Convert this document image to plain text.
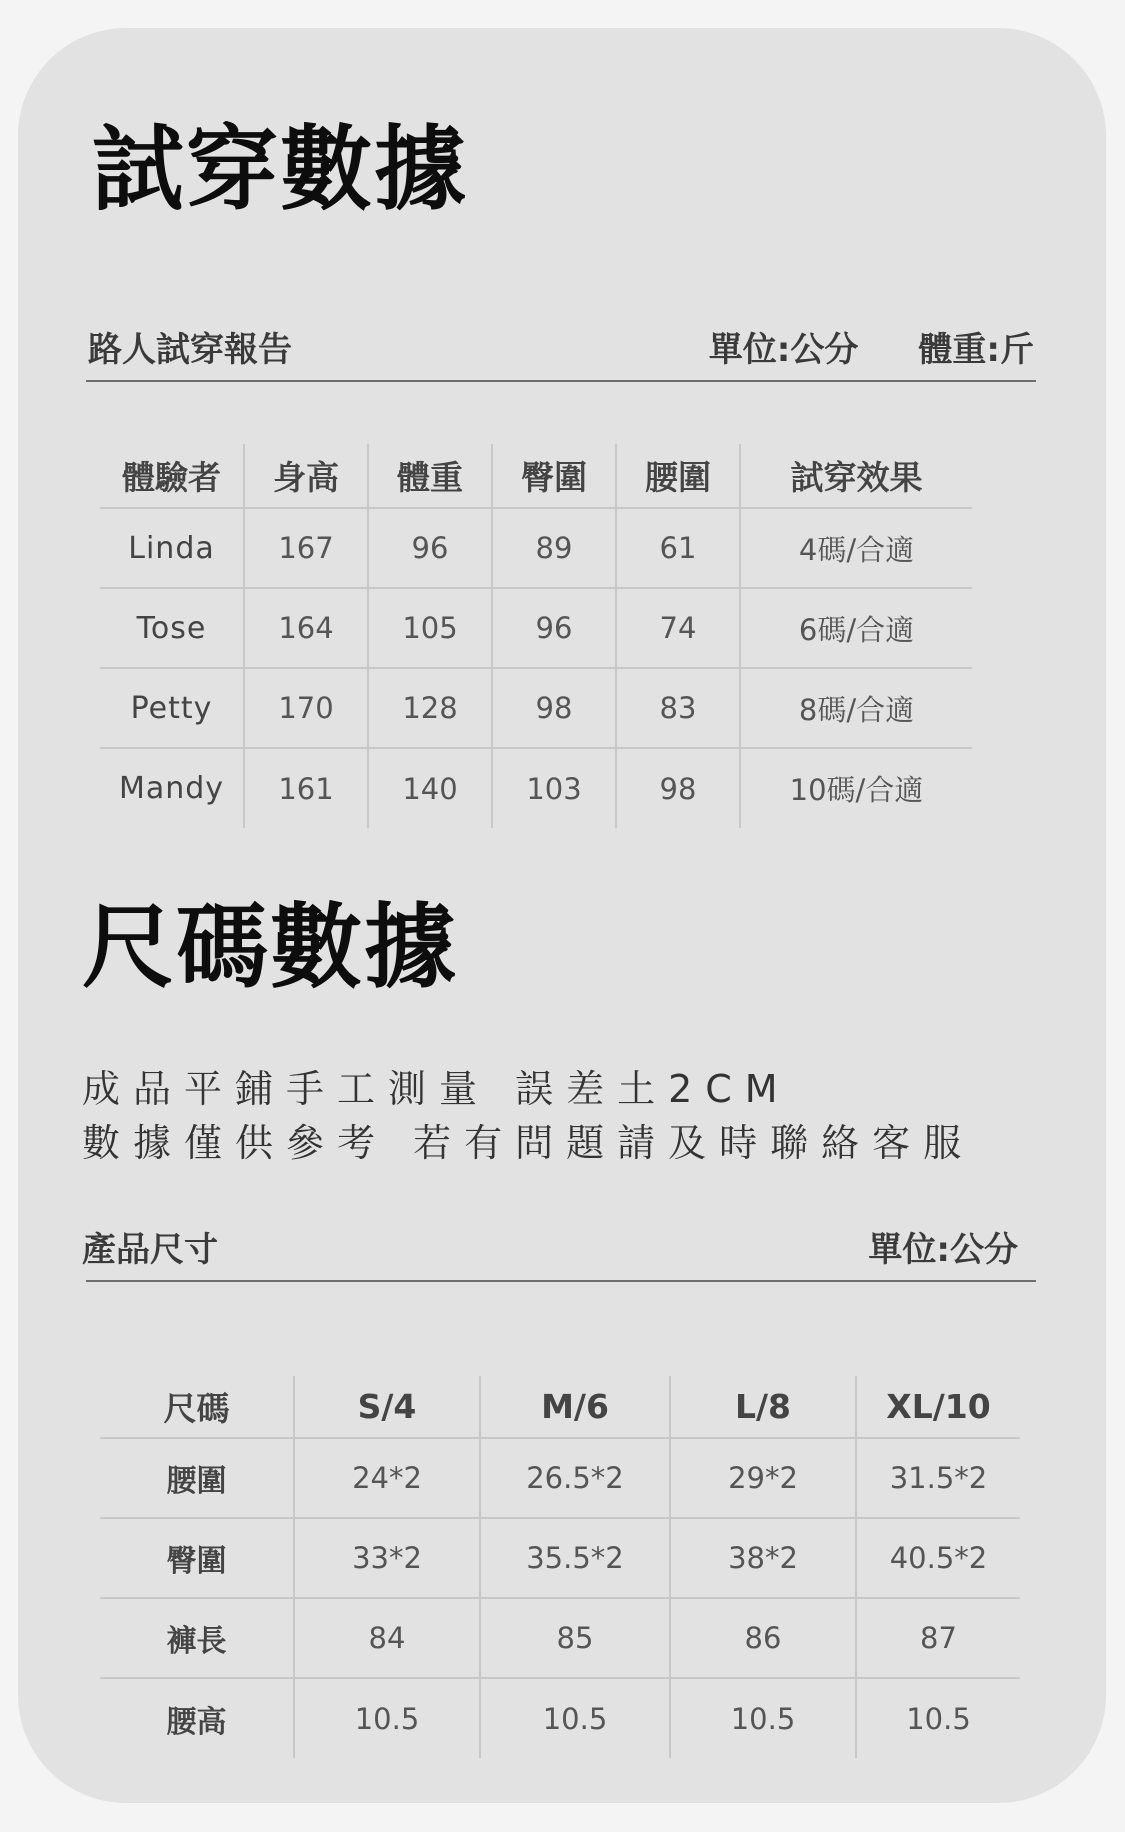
試穿數據
路人試穿報告	單位:公分 體重:斤
體驗者	身高	體重	臀圍	腰圍	試穿效果
Linda	167	96	89	61	4碼/合適
Tose	164	105	96	74	6碼/合適
Petty	170	128	98	83	8碼/合適
Mandy	161	140	103	98	10碼/合適
尺碼數據
成品平鋪手工測量 誤差土2CM
數據僅供參考 若有問題請及時聯絡客服
產品尺寸	單位:公分
尺碼	S/4	M/6	L/8	XL/10
腰圍	24*2	26.5*2	29*2	31.5*2
臀圍	33*2	35.5*2	38*2	40.5*2
褲長	84	85	86	87
腰高	10.5	10.5	10.5	10.5
